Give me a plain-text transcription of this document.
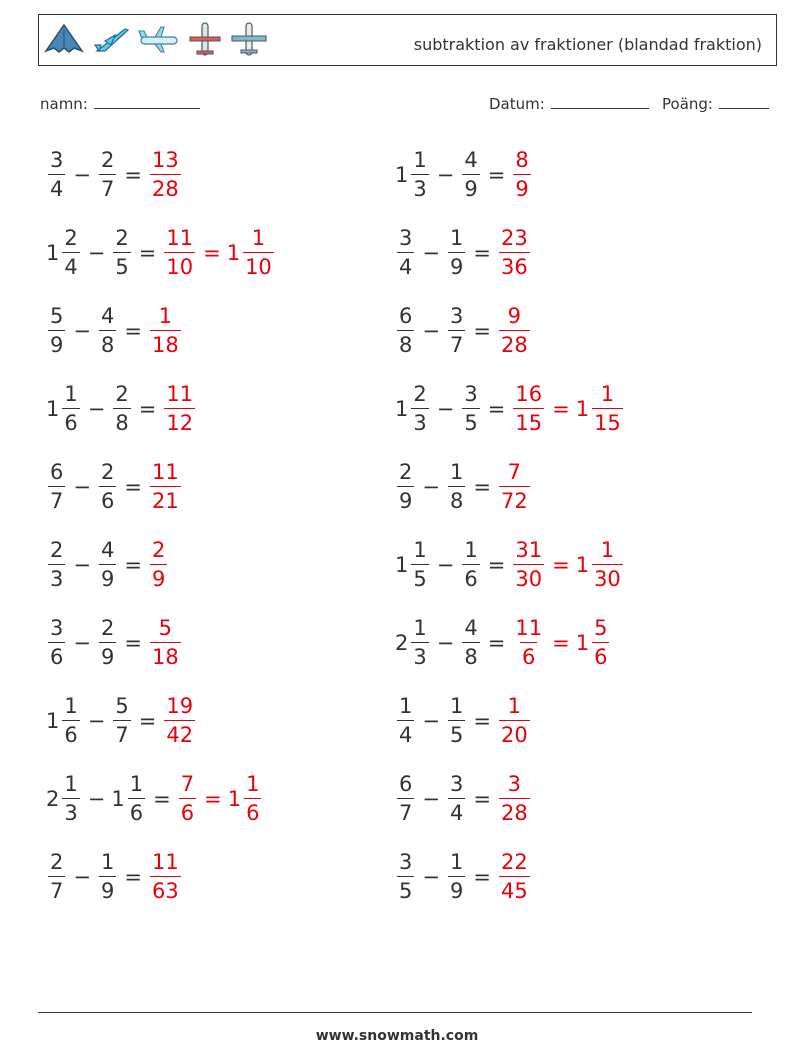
subtraktion av fraktioner (blandad fraktion)
namn:	Datum:	Poäng:
$\frac{3}{4} - \frac{2}{7} = \frac{13}{28}$
$1 \frac{2}{4} - \frac{2}{5} = \frac{11}{10} = 1 \frac{1}{10}$
$\frac{5}{9} - \frac{4}{8} = \frac{1}{18}$
$1 \frac{1}{6} - \frac{2}{8} = \frac{11}{12}$
$\frac{6}{7} - \frac{2}{6} = \frac{11}{21}$
$\frac{2}{3} - \frac{4}{9} = \frac{2}{9}$
$\frac{3}{6} - \frac{2}{9} = \frac{5}{18}$
$1 \frac{1}{6} - \frac{5}{7} = \frac{19}{42}$
$2 \frac{1}{3} - 1 \frac{1}{6} = \frac{7}{6} = 1 \frac{1}{6}$
$\frac{2}{7} - \frac{1}{9} = \frac{11}{63}$
$1 \frac{1}{3} - \frac{4}{9} = \frac{8}{9}$
$\frac{3}{4} - \frac{1}{9} = \frac{23}{36}$
$\frac{6}{8} - \frac{3}{7} = \frac{9}{28}$
$1 \frac{2}{3} - \frac{3}{5} = \frac{16}{15} = 1 \frac{1}{15}$
$\frac{2}{9} - \frac{1}{8} = \frac{7}{72}$
$1 \frac{1}{5} - \frac{1}{6} = \frac{31}{30} = 1 \frac{1}{30}$
$2 \frac{1}{3} - \frac{4}{8} = \frac{11}{6} = 1 \frac{5}{6}$
$\frac{1}{4} - \frac{1}{5} = \frac{1}{20}$
$\frac{6}{7} - \frac{3}{4} = \frac{3}{28}$
$\frac{3}{5} - \frac{1}{9} = \frac{22}{45}$
www.snowmath.com
